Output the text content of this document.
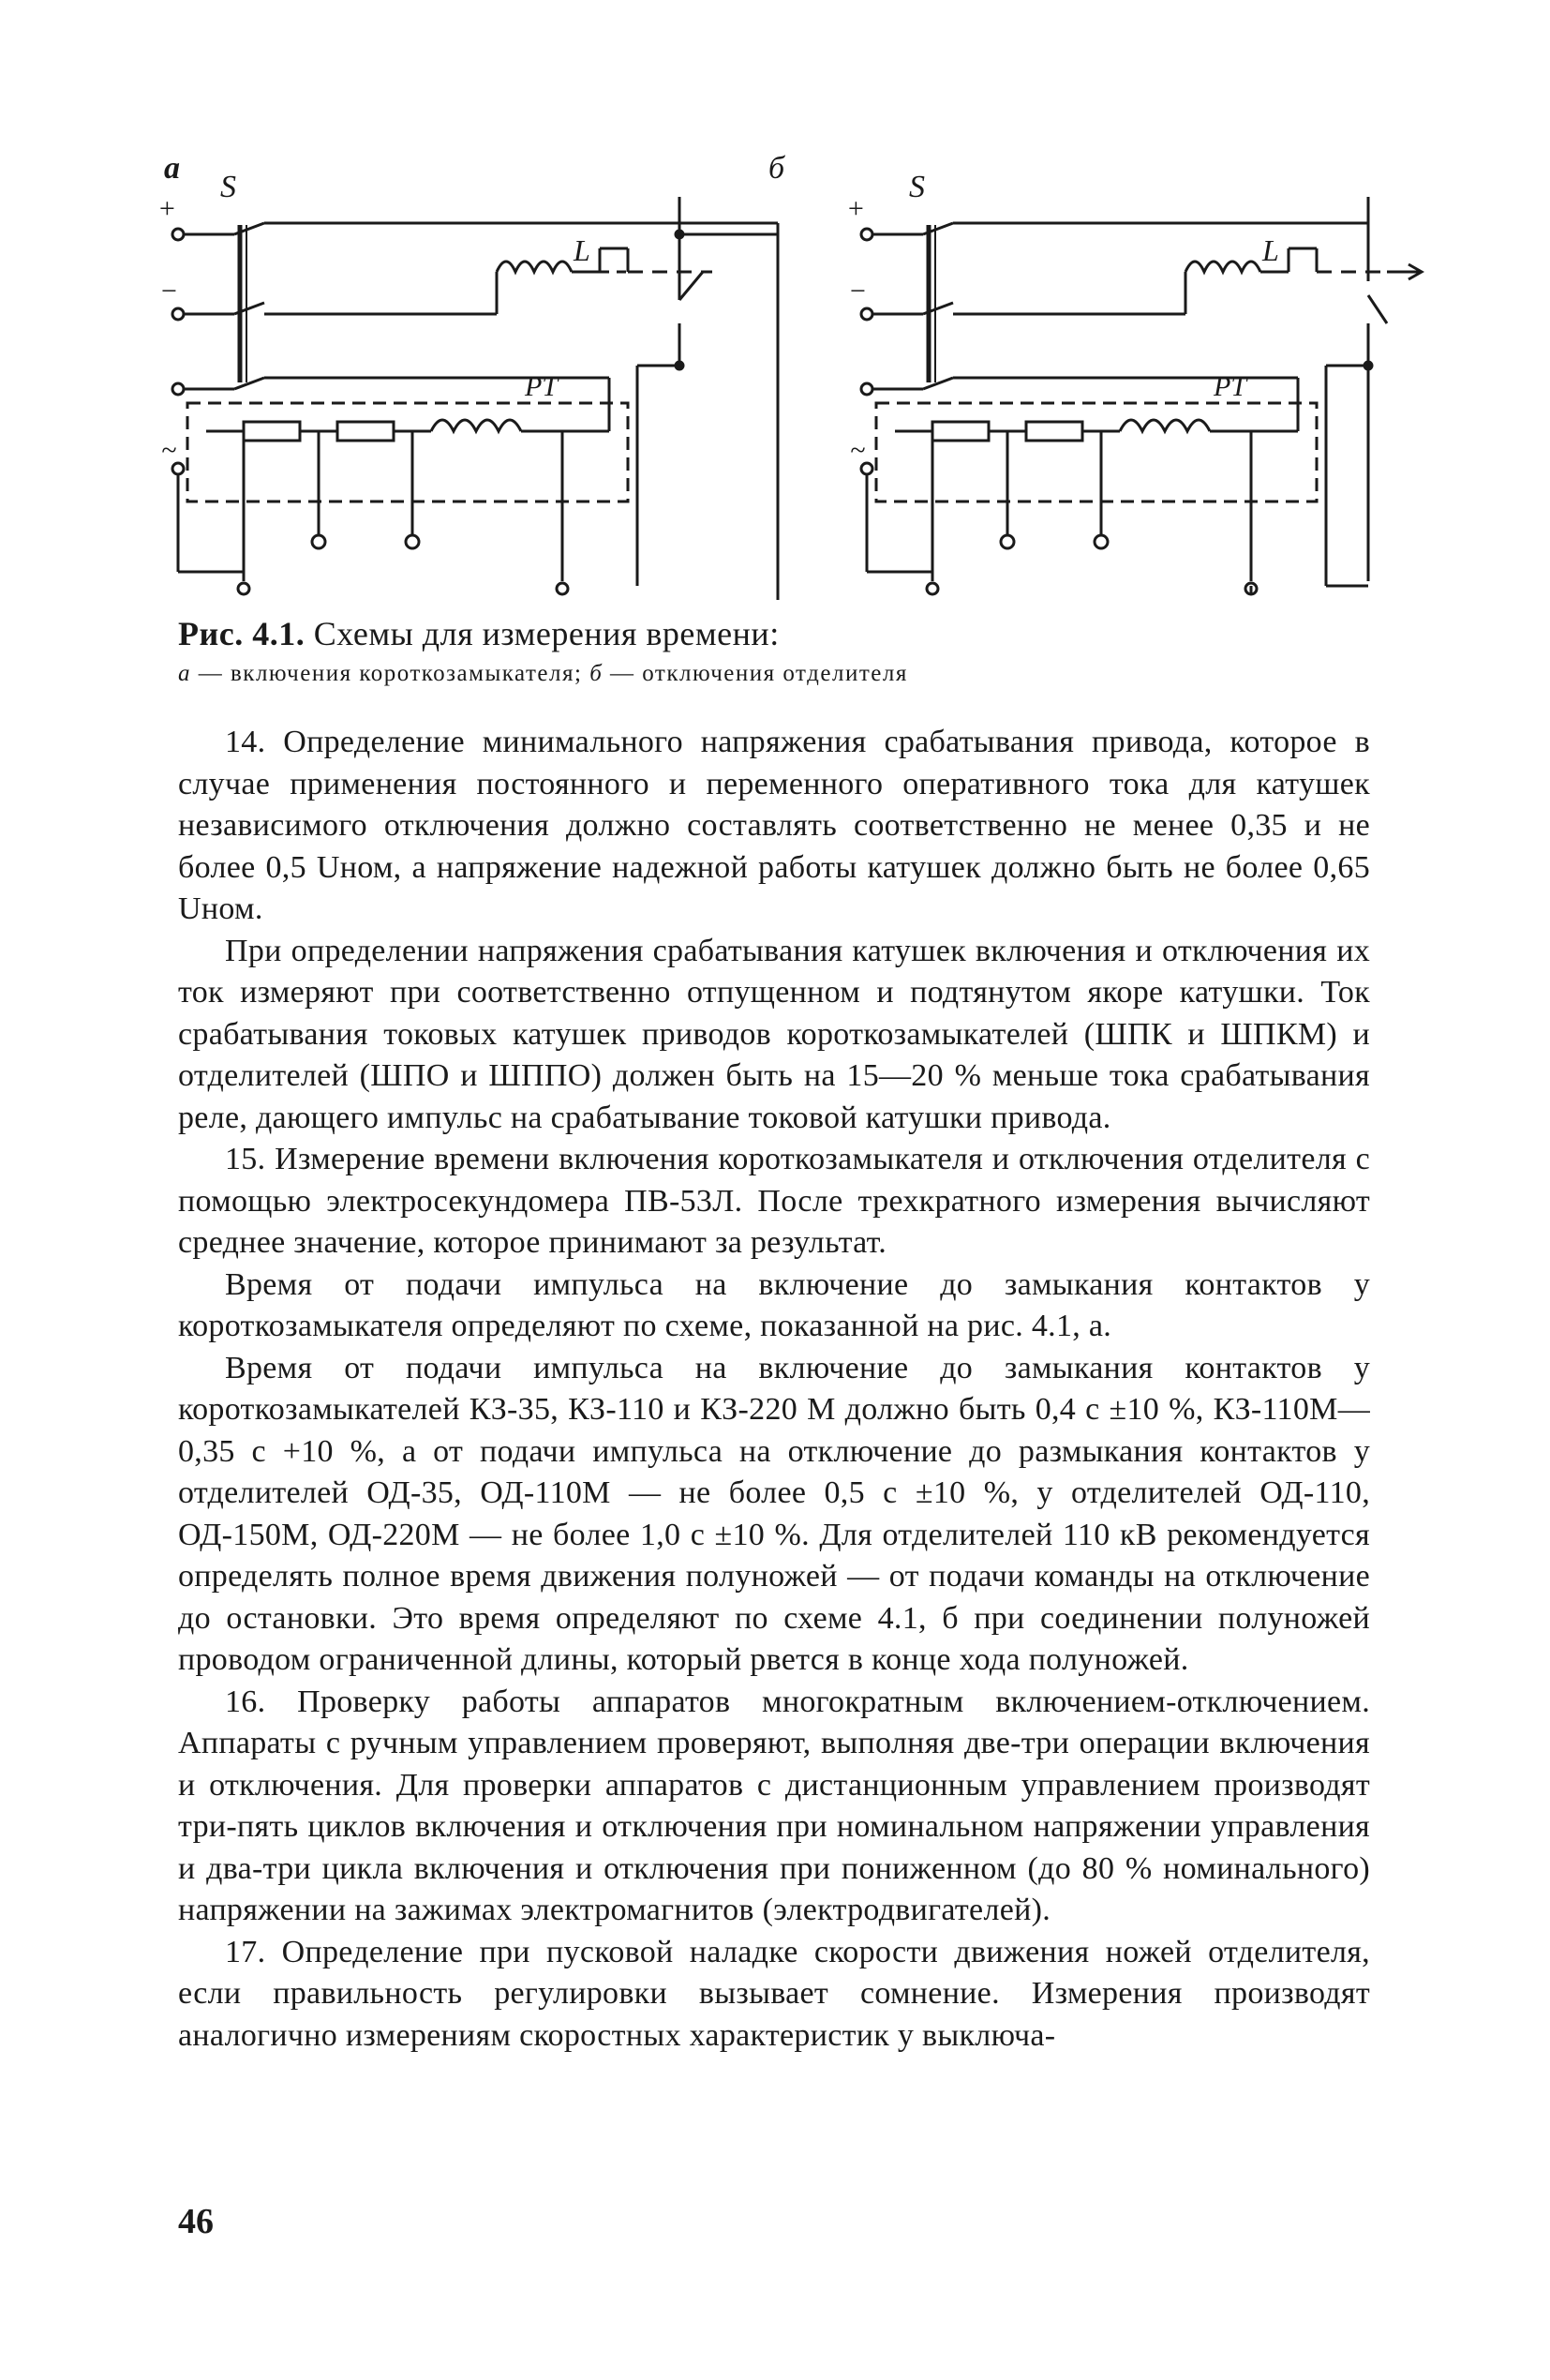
а
S
+
−
~
L
РТ
б
S
+
−
~
L
РТ
Рис. 4.1. Схемы для измерения времени:
а — включения короткозамыкателя; б — отключения отделителя

14. Определение минимального напряжения срабатывания привода, которое в случае применения постоянного и переменного оперативного тока для катушек независимого отключения должно составлять соответственно не менее 0,35 и не более 0,5 Uном, а напряжение надежной работы катушек должно быть не более 0,65 Uном.

При определении напряжения срабатывания катушек включения и отключения их ток измеряют при соответственно отпущенном и подтянутом якоре катушки. Ток срабатывания токовых катушек приводов короткозамыкателей (ШПК и ШПКМ) и отделителей (ШПО и ШППО) должен быть на 15—20 % меньше тока срабатывания реле, дающего импульс на срабатывание токовой катушки привода.

15. Измерение времени включения короткозамыкателя и отключения отделителя с помощью электросекундомера ПВ-53Л. После трехкратного измерения вычисляют среднее значение, которое принимают за результат.

Время от подачи импульса на включение до замыкания контактов у короткозамыкателя определяют по схеме, показанной на рис. 4.1, а.

Время от подачи импульса на включение до замыкания контактов у короткозамыкателей КЗ-35, КЗ-110 и КЗ-220 М должно быть 0,4 с ±10 %, КЗ-110М—0,35 с +10 %, а от подачи импульса на отключение до размыкания контактов у отделителей ОД-35, ОД-110М — не более 0,5 с ±10 %, у отделителей ОД-110, ОД-150М, ОД-220М — не более 1,0 с ±10 %. Для отделителей 110 кВ рекомендуется определять полное время движения полуножей — от подачи команды на отключение до остановки. Это время определяют по схеме 4.1, б при соединении полуножей проводом ограниченной длины, который рвется в конце хода полуножей.

16. Проверку работы аппаратов многократным включением-отключением. Аппараты с ручным управлением проверяют, выполняя две-три операции включения и отключения. Для проверки аппаратов с дистанционным управлением производят три-пять циклов включения и отключения при номинальном напряжении управления и два-три цикла включения и отключения при пониженном (до 80 % номинального) напряжении на зажимах электромагнитов (электродвигателей).

17. Определение при пусковой наладке скорости движения ножей отделителя, если правильность регулировки вызывает сомнение. Измерения производят аналогично измерениям скоростных характеристик у выключа-

46
